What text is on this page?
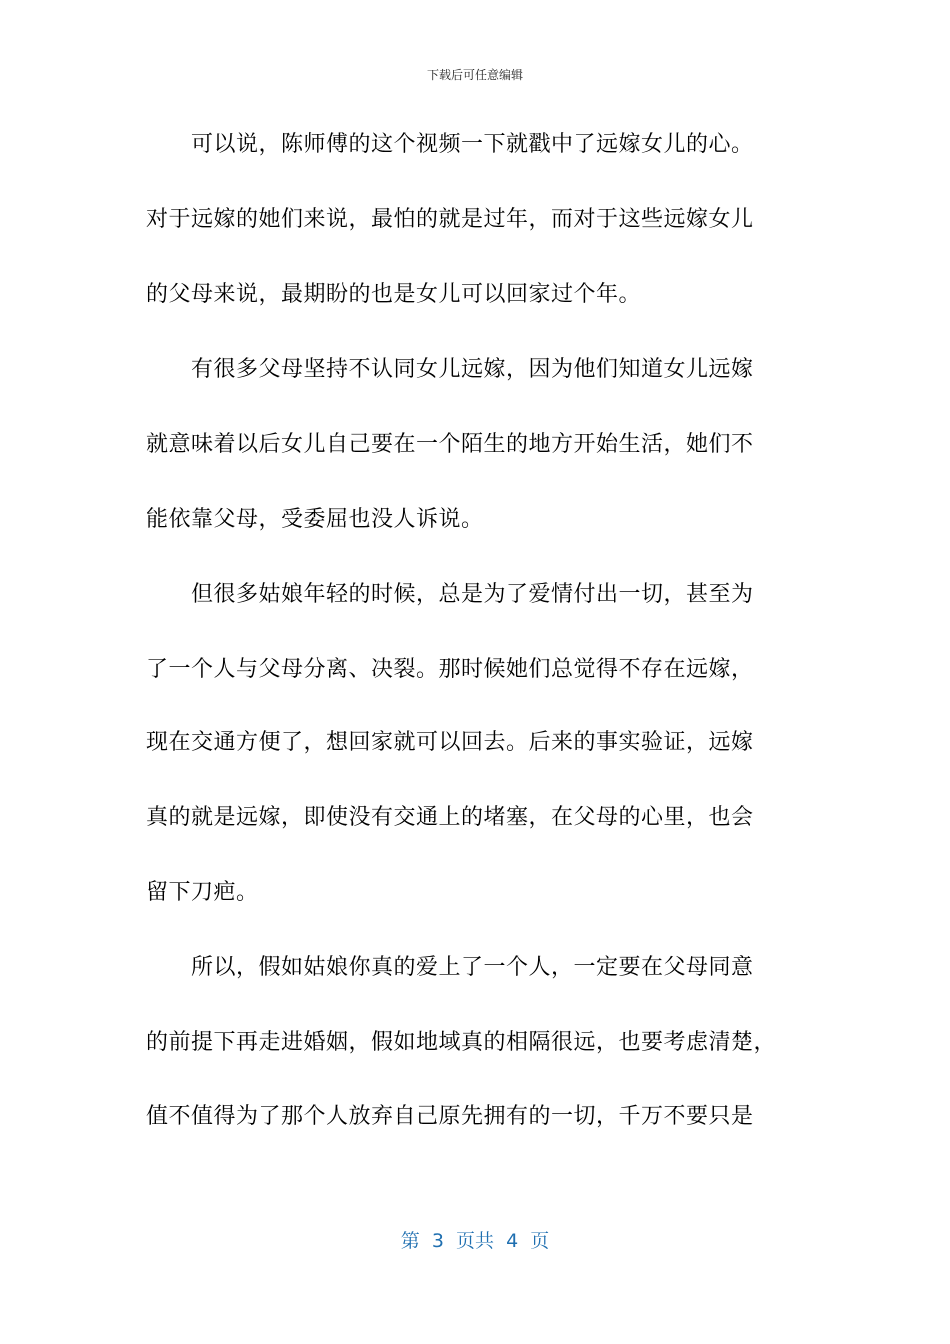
下载后可任意编辑
　　可以说，陈师傅的这个视频一下就戳中了远嫁女儿的心。
对于远嫁的她们来说，最怕的就是过年，而对于这些远嫁女儿
的父母来说，最期盼的也是女儿可以回家过个年。
　　有很多父母坚持不认同女儿远嫁，因为他们知道女儿远嫁
就意味着以后女儿自己要在一个陌生的地方开始生活，她们不
能依靠父母，受委屈也没人诉说。
　　但很多姑娘年轻的时候，总是为了爱情付出一切，甚至为
了一个人与父母分离、决裂。那时候她们总觉得不存在远嫁，
现在交通方便了，想回家就可以回去。后来的事实验证，远嫁
真的就是远嫁，即使没有交通上的堵塞，在父母的心里，也会
留下刀疤。
　　所以，假如姑娘你真的爱上了一个人，一定要在父母同意
的前提下再走进婚姻，假如地域真的相隔很远，也要考虑清楚，
值不值得为了那个人放弃自己原先拥有的一切，千万不要只是
第  3  页共  4  页
